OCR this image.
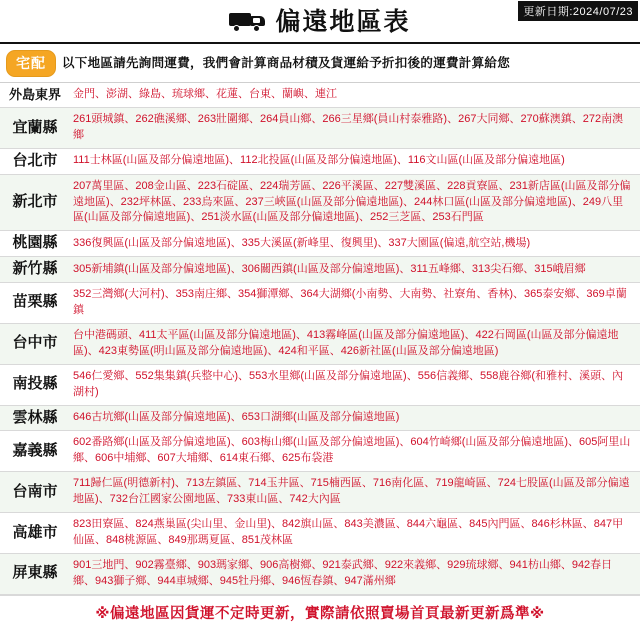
偏遠地區表	更新日期:2024/07/23
宅配	以下地區請先詢問運費，我們會計算商品材積及貨運給予折扣後的運費計算給您
外島東界	金門、澎湖、綠島、琉球鄉、花蓮、台東、蘭嶼、連江
宜蘭縣	261頭城鎮、262礁溪鄉、263壯圍鄉、264員山鄉、266三星鄉(員山村泰雅路)、267大同鄉、270蘇澳鎮、272南澳鄉
台北市	111士林區(山區及部分偏遠地區)、112北投區(山區及部分偏遠地區)、116文山區(山區及部分偏遠地區)
新北市	207萬里區、208金山區、223石碇區、224瑞芳區、226平溪區、227雙溪區、228貢寮區、231新店區(山區及部分偏遠地區)、232坪林區、233烏來區、237三峽區(山區及部分偏遠地區)、244林口區(山區及部分偏遠地區)、249八里區(山區及部分偏遠地區)、251淡水區(山區及部分偏遠地區)、252三芝區、253石門區
桃園縣	336復興區(山區及部分偏遠地區)、335大溪區(新峰里、復興里)、337大園區(偏遠,航空站,機場)
新竹縣	305新埔鎮(山區及部分偏遠地區)、306關西鎮(山區及部分偏遠地區)、311五峰鄉、313尖石鄉、315峨眉鄉
苗栗縣	352三灣鄉(大河村)、353南庄鄉、354獅潭鄉、364大湖鄉(小南勢、大南勢、社寮角、香林)、365泰安鄉、369卓蘭鎮
台中市	台中港碼頭、411太平區(山區及部分偏遠地區)、413霧峰區(山區及部分偏遠地區)、422石岡區(山區及部分偏遠地區)、423東勢區(明山區及部分偏遠地區)、424和平區、426新社區(山區及部分偏遠地區)
南投縣	546仁愛鄉、552集集鎮(兵整中心)、553水里鄉(山區及部分偏遠地區)、556信義鄉、558鹿谷鄉(和雅村、溪頭、內湖村)
雲林縣	646古坑鄉(山區及部分偏遠地區)、653口湖鄉(山區及部分偏遠地區)
嘉義縣	602番路鄉(山區及部分偏遠地區)、603梅山鄉(山區及部分偏遠地區)、604竹崎鄉(山區及部分偏遠地區)、605阿里山鄉、606中埔鄉、607大埔鄉、614東石鄉、625布袋港
台南市	711歸仁區(明德新村)、713左鎮區、714玉井區、715楠西區、716南化區、719龍崎區、724七股區(山區及部分偏遠地區)、732台江國家公園地區、733東山區、742大內區
高雄市	823田寮區、824燕巢區(尖山里、金山里)、842旗山區、843美濃區、844六龜區、845內門區、846杉林區、847甲仙區、848桃源區、849那瑪夏區、851茂林區
屏東縣	901三地門、902霧臺鄉、903瑪家鄉、906高樹鄉、921泰武鄉、922來義鄉、929琉球鄉、941枋山鄉、942春日鄉、943獅子鄉、944車城鄉、945牡丹鄉、946恆春鎮、947滿州鄉
※偏遠地區因貨運不定時更新，實際請依照賣場首頁最新更新爲準※
